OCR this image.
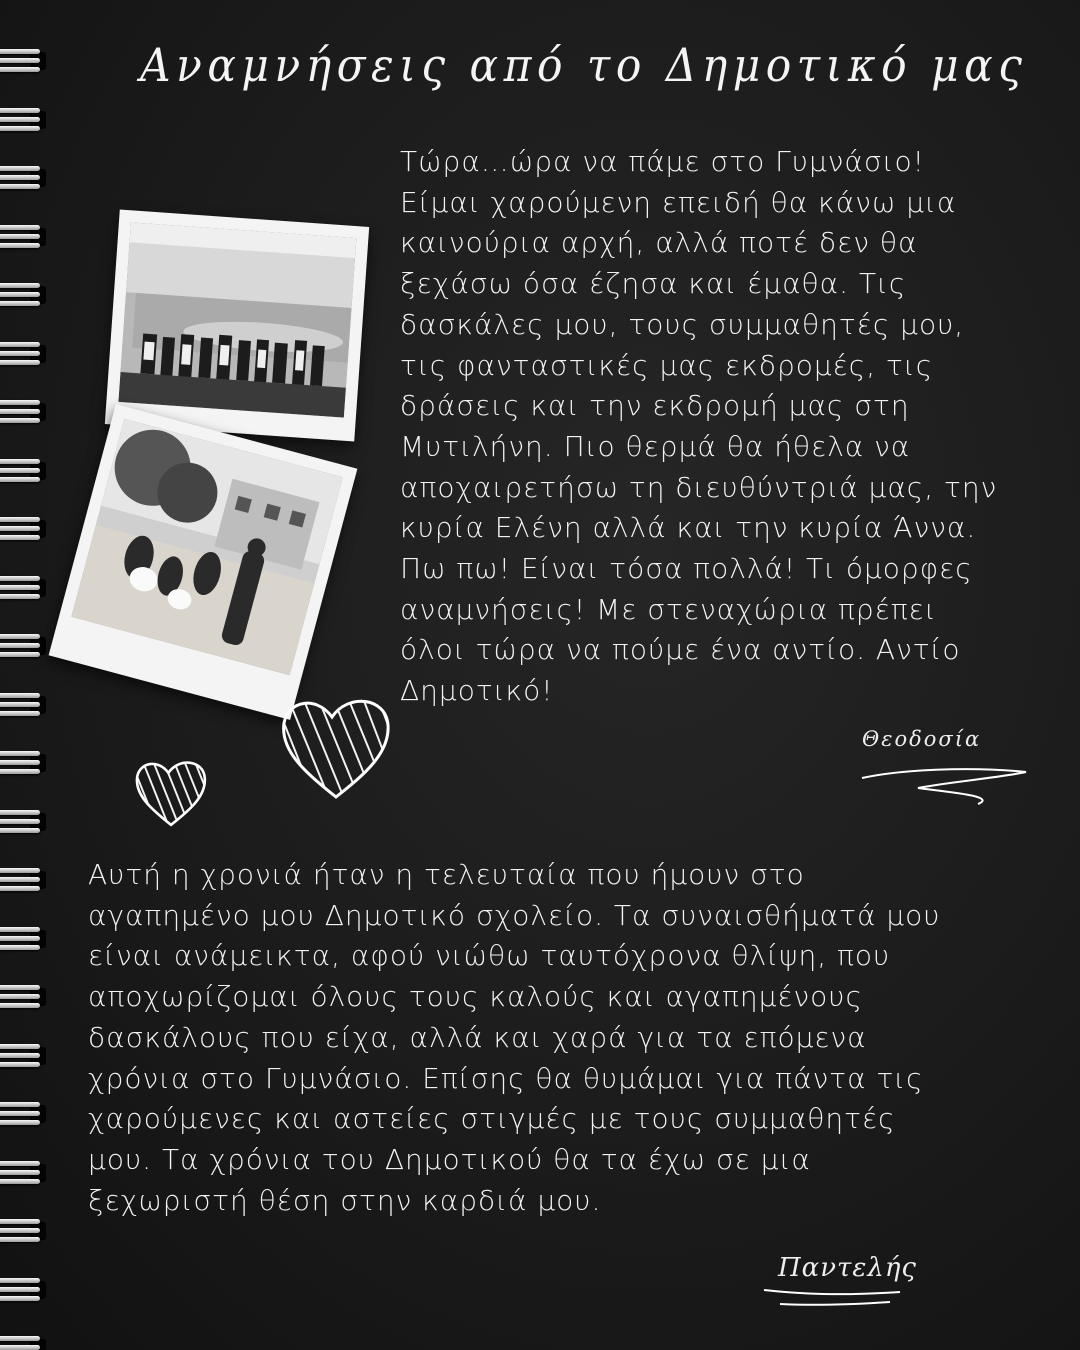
Αναμνήσεις από το Δημοτικό μας
Τώρα…ώρα να πάμε στο Γυμνάσιο!
Είμαι χαρούμενη επειδή θα κάνω μια
καινούρια αρχή, αλλά ποτέ δεν θα
ξεχάσω όσα έζησα και έμαθα. Τις
δασκάλες μου, τους συμμαθητές μου,
τις φανταστικές μας εκδρομές, τις
δράσεις και την εκδρομή μας στη
Μυτιλήνη. Πιο θερμά θα ήθελα να
αποχαιρετήσω τη διευθύντριά μας, την
κυρία Ελένη αλλά και την κυρία Άννα.
Πω πω! Είναι τόσα πολλά! Τι όμορφες
αναμνήσεις! Με στεναχώρια πρέπει
όλοι τώρα να πούμε ένα αντίο. Αντίο
Δημοτικό!
Θεοδοσία
Αυτή η χρονιά ήταν η τελευταία που ήμουν στο
αγαπημένο μου Δημοτικό σχολείο. Τα συναισθήματά μου
είναι ανάμεικτα, αφού νιώθω ταυτόχρονα θλίψη, που
αποχωρίζομαι όλους τους καλούς και αγαπημένους
δασκάλους που είχα, αλλά και χαρά για τα επόμενα
χρόνια στο Γυμνάσιο. Επίσης θα θυμάμαι για πάντα τις
χαρούμενες και αστείες στιγμές με τους συμμαθητές
μου. Τα χρόνια του Δημοτικού θα τα έχω σε μια
ξεχωριστή θέση στην καρδιά μου.
Παντελής
